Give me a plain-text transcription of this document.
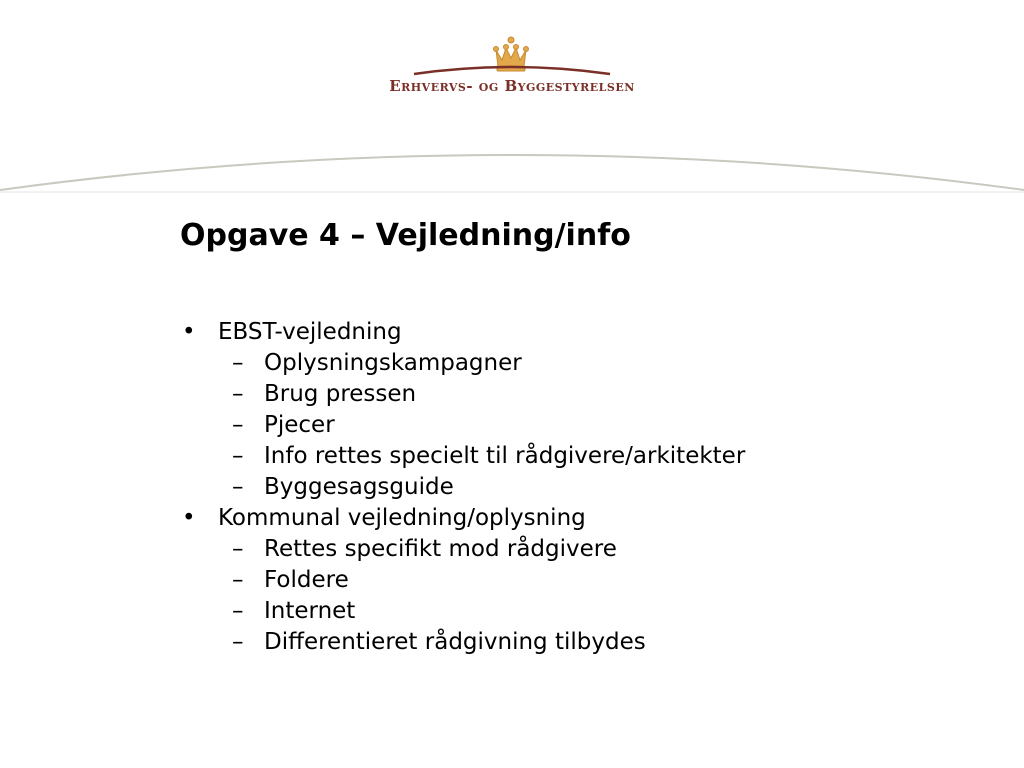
Erhvervs- og Byggestyrelsen
Opgave 4 – Vejledning/info
• EBST-vejledning
– Oplysningskampagner
– Brug pressen
– Pjecer
– Info rettes specielt til rådgivere/arkitekter
– Byggesagsguide
• Kommunal vejledning/oplysning
– Rettes specifikt mod rådgivere
– Foldere
– Internet
– Differentieret rådgivning tilbydes
